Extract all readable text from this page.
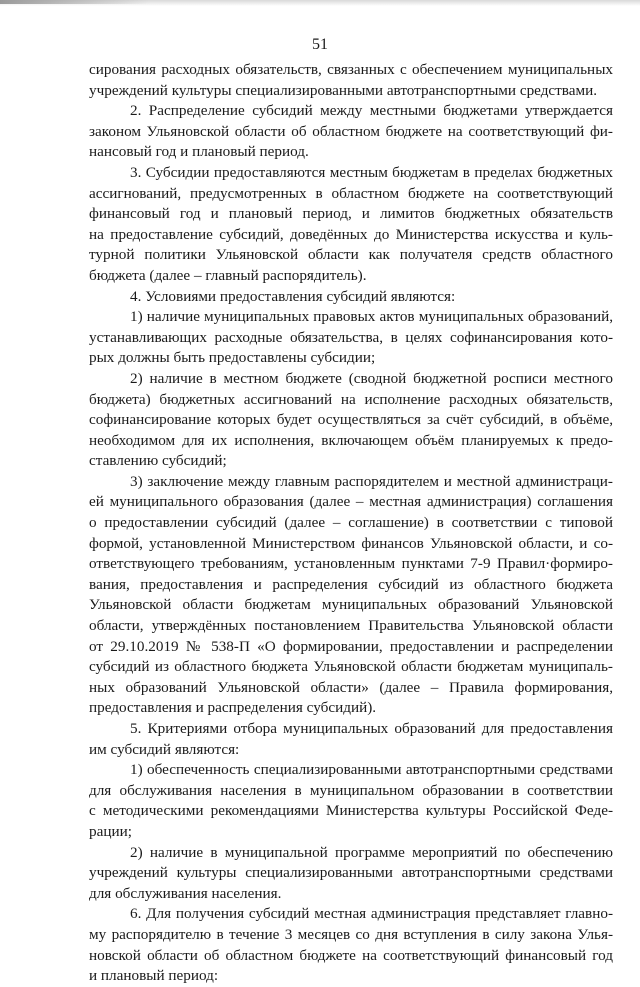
51

сирования расходных обязательств, связанных с обеспечением муниципальных

учреждений культуры специализированными автотранспортными средствами.

2. Распределение субсидий между местными бюджетами утверждается

законом Ульяновской области об областном бюджете на соответствующий фи-

нансовый год и плановый период.

3. Субсидии предоставляются местным бюджетам в пределах бюджетных

ассигнований, предусмотренных в областном бюджете на соответствующий

финансовый год и плановый период, и лимитов бюджетных обязательств

на предоставление субсидий, доведённых до Министерства искусства и куль-

турной политики Ульяновской области как получателя средств областного

бюджета (далее – главный распорядитель).

4. Условиями предоставления субсидий являются:

1) наличие муниципальных правовых актов муниципальных образований,

устанавливающих расходные обязательства, в целях софинансирования кото-

рых должны быть предоставлены субсидии;

2) наличие в местном бюджете (сводной бюджетной росписи местного

бюджета) бюджетных ассигнований на исполнение расходных обязательств,

софинансирование которых будет осуществляться за счёт субсидий, в объёме,

необходимом для их исполнения, включающем объём планируемых к предо-

ставлению субсидий;

3) заключение между главным распорядителем и местной администраци-

ей муниципального образования (далее – местная администрация) соглашения

о предоставлении субсидий (далее – соглашение) в соответствии с типовой

формой, установленной Министерством финансов Ульяновской области, и со-

ответствующего требованиям, установленным пунктами 7-9 Правил·формиро-

вания, предоставления и распределения субсидий из областного бюджета

Ульяновской области бюджетам муниципальных образований Ульяновской

области, утверждённых постановлением Правительства Ульяновской области

от 29.10.2019 № 538-П «О формировании, предоставлении и распределении

субсидий из областного бюджета Ульяновской области бюджетам муниципаль-

ных образований Ульяновской области» (далее – Правила формирования,

предоставления и распределения субсидий).

5. Критериями отбора муниципальных образований для предоставления

им субсидий являются:

1) обеспеченность специализированными автотранспортными средствами

для обслуживания населения в муниципальном образовании в соответствии

с методическими рекомендациями Министерства культуры Российской Феде-

рации;

2) наличие в муниципальной программе мероприятий по обеспечению

учреждений культуры специализированными автотранспортными средствами

для обслуживания населения.

6. Для получения субсидий местная администрация представляет главно-

му распорядителю в течение 3 месяцев со дня вступления в силу закона Улья-

новской области об областном бюджете на соответствующий финансовый год

и плановый период:
